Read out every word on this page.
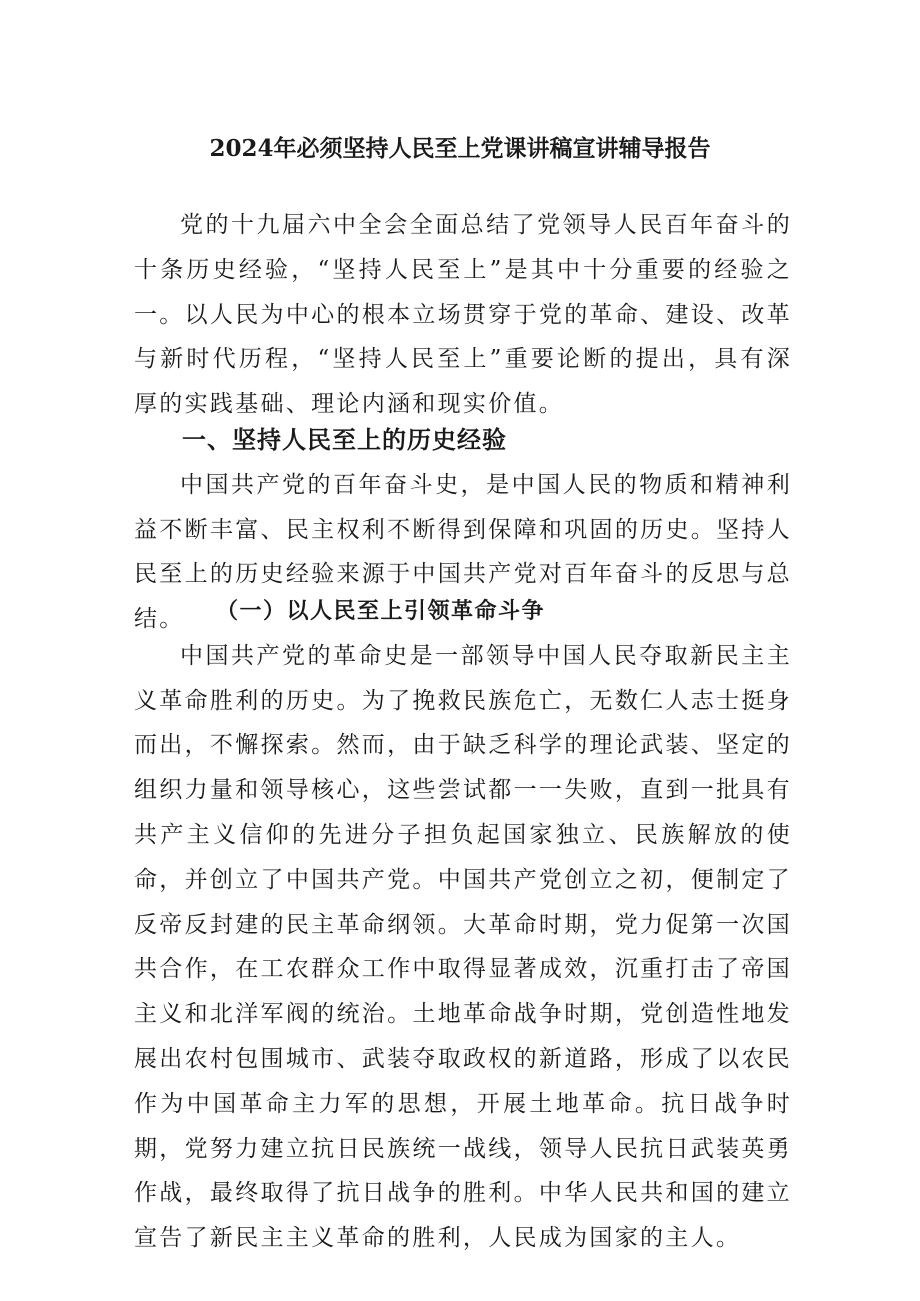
2024年必须坚持人民至上党课讲稿宣讲辅导报告

党的十九届六中全会全面总结了党领导人民百年奋斗的十条历史经验，“坚持人民至上”是其中十分重要的经验之一。以人民为中心的根本立场贯穿于党的革命、建设、改革与新时代历程，“坚持人民至上”重要论断的提出，具有深厚的实践基础、理论内涵和现实价值。

一、坚持人民至上的历史经验

中国共产党的百年奋斗史，是中国人民的物质和精神利益不断丰富、民主权利不断得到保障和巩固的历史。坚持人民至上的历史经验来源于中国共产党对百年奋斗的反思与总结。	（一）以人民至上引领革命斗争

中国共产党的革命史是一部领导中国人民夺取新民主主义革命胜利的历史。为了挽救民族危亡，无数仁人志士挺身而出，不懈探索。然而，由于缺乏科学的理论武装、坚定的组织力量和领导核心，这些尝试都一一失败，直到一批具有共产主义信仰的先进分子担负起国家独立、民族解放的使命，并创立了中国共产党。中国共产党创立之初，便制定了反帝反封建的民主革命纲领。大革命时期，党力促第一次国共合作，在工农群众工作中取得显著成效，沉重打击了帝国主义和北洋军阀的统治。土地革命战争时期，党创造性地发展出农村包围城市、武装夺取政权的新道路，形成了以农民作为中国革命主力军的思想，开展土地革命。抗日战争时期，党努力建立抗日民族统一战线，领导人民抗日武装英勇作战，最终取得了抗日战争的胜利。中华人民共和国的建立宣告了新民主主义革命的胜利，人民成为国家的主人。
